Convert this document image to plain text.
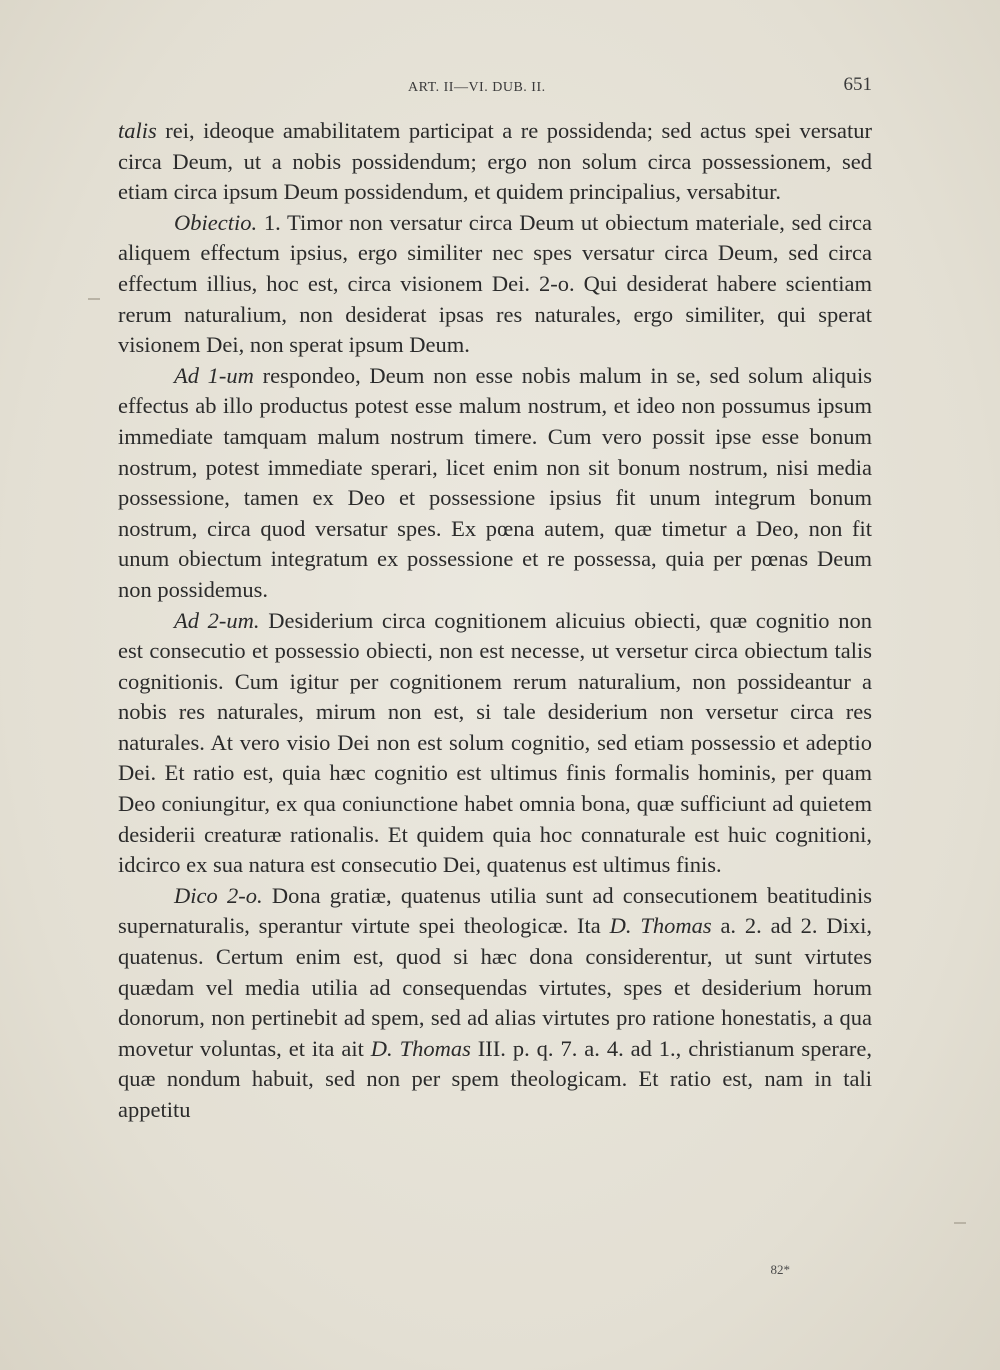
ART. II—VI. DUB. II.	651

talis rei, ideoque amabilitatem participat a re possidenda; sed actus spei versatur circa Deum, ut a nobis possidendum; ergo non solum circa possessionem, sed etiam circa ipsum Deum possidendum, et quidem principalius, versabitur.

Obiectio. 1. Timor non versatur circa Deum ut obiectum materiale, sed circa aliquem effectum ipsius, ergo similiter nec spes versatur circa Deum, sed circa effectum illius, hoc est, circa visionem Dei. 2-o. Qui desiderat habere scientiam rerum naturalium, non desiderat ipsas res naturales, ergo similiter, qui sperat visionem Dei, non sperat ipsum Deum.

Ad 1-um respondeo, Deum non esse nobis malum in se, sed solum aliquis effectus ab illo productus potest esse malum nostrum, et ideo non possumus ipsum immediate tamquam malum nostrum timere. Cum vero possit ipse esse bonum nostrum, potest immediate sperari, licet enim non sit bonum nostrum, nisi media possessione, tamen ex Deo et possessione ipsius fit unum integrum bonum nostrum, circa quod versatur spes. Ex pœna autem, quæ timetur a Deo, non fit unum obiectum integratum ex possessione et re possessa, quia per pœnas Deum non possidemus.

Ad 2-um. Desiderium circa cognitionem alicuius obiecti, quæ cognitio non est consecutio et possessio obiecti, non est necesse, ut versetur circa obiectum talis cognitionis. Cum igitur per cognitionem rerum naturalium, non possideantur a nobis res naturales, mirum non est, si tale desiderium non versetur circa res naturales. At vero visio Dei non est solum cognitio, sed etiam possessio et adeptio Dei. Et ratio est, quia hæc cognitio est ultimus finis formalis hominis, per quam Deo coniungitur, ex qua coniunctione habet omnia bona, quæ sufficiunt ad quietem desiderii creaturæ rationalis. Et quidem quia hoc connaturale est huic cognitioni, idcirco ex sua natura est consecutio Dei, quatenus est ultimus finis.

Dico 2-o. Dona gratiæ, quatenus utilia sunt ad consecutionem beatitudinis supernaturalis, sperantur virtute spei theologicæ. Ita D. Thomas a. 2. ad 2. Dixi, quatenus. Certum enim est, quod si hæc dona considerentur, ut sunt virtutes quædam vel media utilia ad consequendas virtutes, spes et desiderium horum donorum, non pertinebit ad spem, sed ad alias virtutes pro ratione honestatis, a qua movetur voluntas, et ita ait D. Thomas III. p. q. 7. a. 4. ad 1., christianum sperare, quæ nondum habuit, sed non per spem theologicam. Et ratio est, nam in tali appetitu

82*
